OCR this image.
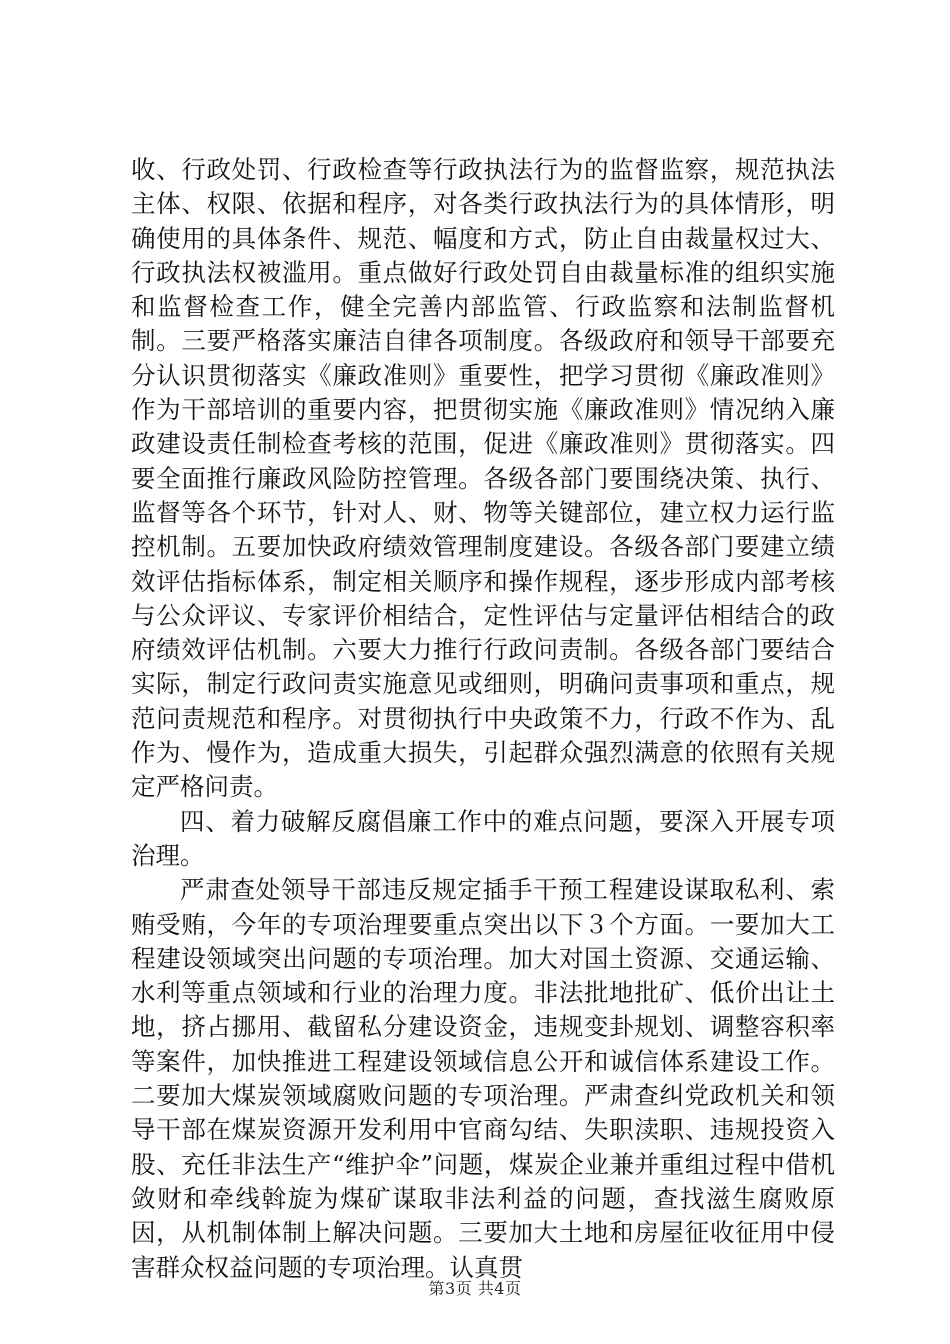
收、行政处罚、行政检查等行政执法行为的监督监察，规范执法主体、权限、依据和程序，对各类行政执法行为的具体情形，明确使用的具体条件、规范、幅度和方式，防止自由裁量权过大、行政执法权被滥用。重点做好行政处罚自由裁量标准的组织实施和监督检查工作，健全完善内部监管、行政监察和法制监督机制。三要严格落实廉洁自律各项制度。各级政府和领导干部要充分认识贯彻落实《廉政准则》重要性，把学习贯彻《廉政准则》作为干部培训的重要内容，把贯彻实施《廉政准则》情况纳入廉政建设责任制检查考核的范围，促进《廉政准则》贯彻落实。四要全面推行廉政风险防控管理。各级各部门要围绕决策、执行、监督等各个环节，针对人、财、物等关键部位，建立权力运行监控机制。五要加快政府绩效管理制度建设。各级各部门要建立绩效评估指标体系，制定相关顺序和操作规程，逐步形成内部考核与公众评议、专家评价相结合，定性评估与定量评估相结合的政府绩效评估机制。六要大力推行行政问责制。各级各部门要结合实际，制定行政问责实施意见或细则，明确问责事项和重点，规范问责规范和程序。对贯彻执行中央政策不力，行政不作为、乱作为、慢作为，造成重大损失，引起群众强烈满意的依照有关规定严格问责。

四、着力破解反腐倡廉工作中的难点问题，要深入开展专项治理。

严肃查处领导干部违反规定插手干预工程建设谋取私利、索贿受贿，今年的专项治理要重点突出以下３个方面。一要加大工程建设领域突出问题的专项治理。加大对国土资源、交通运输、水利等重点领域和行业的治理力度。非法批地批矿、低价出让土地，挤占挪用、截留私分建设资金，违规变卦规划、调整容积率等案件，加快推进工程建设领域信息公开和诚信体系建设工作。二要加大煤炭领域腐败问题的专项治理。严肃查纠党政机关和领导干部在煤炭资源开发利用中官商勾结、失职渎职、违规投资入股、充任非法生产“维护伞”问题，煤炭企业兼并重组过程中借机敛财和牵线斡旋为煤矿谋取非法利益的问题，查找滋生腐败原因，从机制体制上解决问题。三要加大土地和房屋征收征用中侵害群众权益问题的专项治理。认真贯

第3页 共4页
